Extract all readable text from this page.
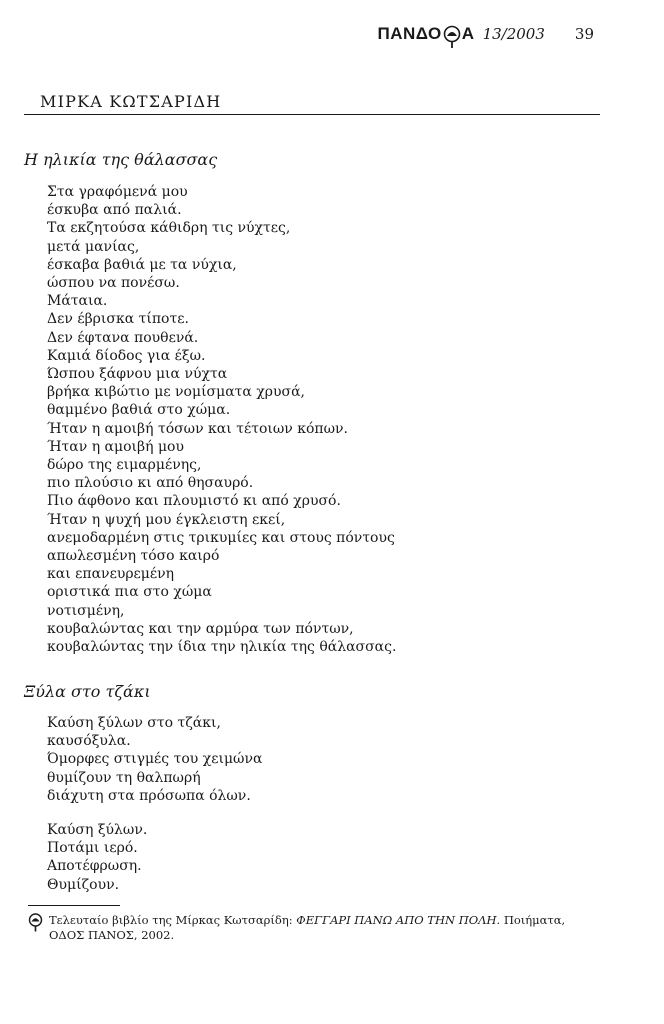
ΠΑΝΔΟ Α 13/2003 39
ΜΙΡΚΑ ΚΩΤΣΑΡΙΔΗ
Η ηλικία της θάλασσας
Στα γραφόμενά μου
έσκυβα από παλιά.
Τα εκζητούσα κάθιδρη τις νύχτες,
μετά μανίας,
έσκαβα βαθιά με τα νύχια,
ώσπου να πονέσω.
Μάταια.
Δεν έβρισκα τίποτε.
Δεν έφτανα πουθενά.
Καμιά δίοδος για έξω.
Ώσπου ξάφνου μια νύχτα
βρήκα κιβώτιο με νομίσματα χρυσά,
θαμμένο βαθιά στο χώμα.
Ήταν η αμοιβή τόσων και τέτοιων κόπων.
Ήταν η αμοιβή μου
δώρο της ειμαρμένης,
πιο πλούσιο κι από θησαυρό.
Πιο άφθονο και πλουμιστό κι από χρυσό.
Ήταν η ψυχή μου έγκλειστη εκεί,
ανεμοδαρμένη στις τρικυμίες και στους πόντους
απωλεσμένη τόσο καιρό
και επανευρεμένη
οριστικά πια στο χώμα
νοτισμένη,
κουβαλώντας και την αρμύρα των πόντων,
κουβαλώντας την ίδια την ηλικία της θάλασσας.
Ξύλα στο τζάκι
Καύση ξύλων στο τζάκι,
καυσόξυλα.
Όμορφες στιγμές του χειμώνα
θυμίζουν τη θαλπωρή
διάχυτη στα πρόσωπα όλων.
Καύση ξύλων.
Ποτάμι ιερό.
Αποτέφρωση.
Θυμίζουν.
Τελευταίο βιβλίο της Μίρκας Κωτσαρίδη: ΦΕΓΓΑΡΙ ΠΑΝΩ ΑΠΟ ΤΗΝ ΠΟΛΗ. Ποιήματα,
ΟΔΟΣ ΠΑΝΟΣ, 2002.
